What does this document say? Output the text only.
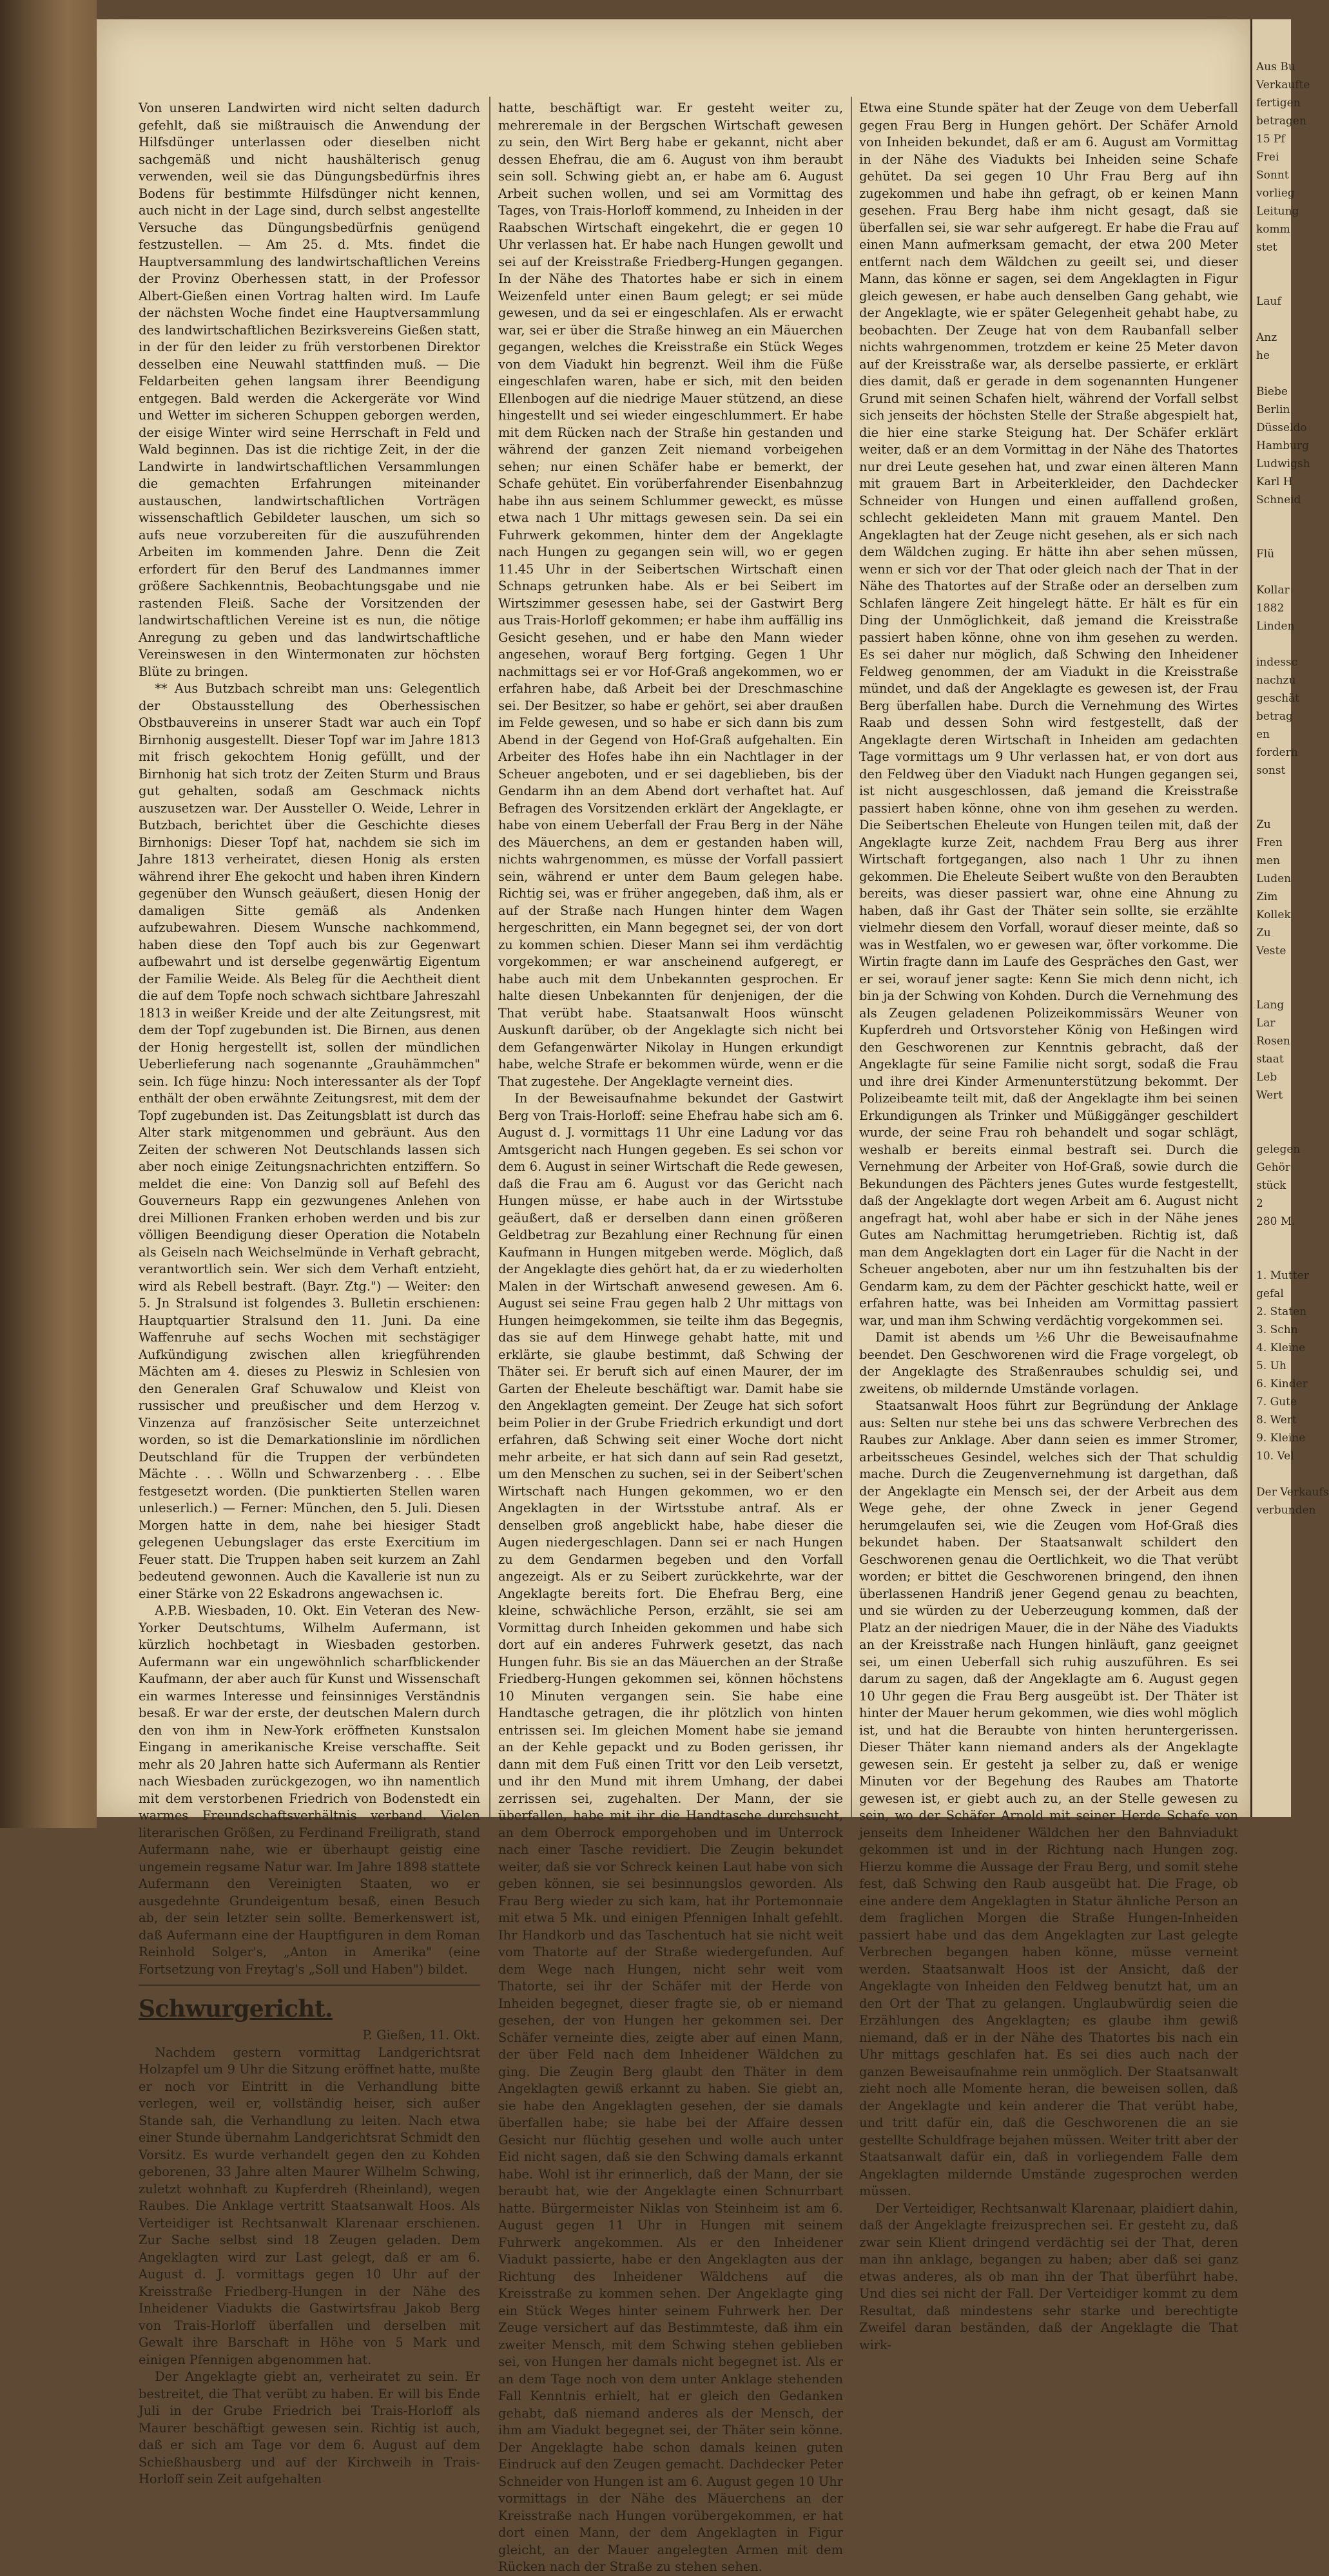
Aus Bu
Verkaufte
fertigen
betragen
15 Pf
Frei
Sonnt
vorlieg
Leitung
komm
stet

Lauf

Anz
he

Biebe
Berlin
Düsseldo
Hamburg
Ludwigsh
Karl H
Schneid

Flü

Kollar
1882
Linden

indessc
nachzu
geschät
betrag
en
fordern
sonst

Zu
Fren
men
Luden
Zim
Kollek
Zu
Veste

Lang
Lar
Rosen
staat
Leb
Wert

gelegen
Gehör
stück
2
280 M.

1. Mutter
gefal
2. Staten
3. Schn
4. Kleine
5. Uh
6. Kinder
7. Gute
8. Wert
9. Kleine
10. Vel

Der Verkaufs
verbunden

Von unseren Landwirten wird nicht selten dadurch gefehlt, daß sie mißtrauisch die Anwendung der Hilfsdünger unterlassen oder dieselben nicht sachgemäß und nicht haushälterisch genug verwenden, weil sie das Düngungsbedürfnis ihres Bodens für bestimmte Hilfsdünger nicht kennen, auch nicht in der Lage sind, durch selbst angestellte Versuche das Düngungsbedürfnis genügend festzustellen. — Am 25. d. Mts. findet die Hauptversammlung des landwirtschaftlichen Vereins der Provinz Oberhessen statt, in der Professor Albert-Gießen einen Vortrag halten wird. Im Laufe der nächsten Woche findet eine Hauptversammlung des landwirtschaftlichen Bezirksvereins Gießen statt, in der für den leider zu früh verstorbenen Direktor desselben eine Neuwahl stattfinden muß. — Die Feldarbeiten gehen langsam ihrer Beendigung entgegen. Bald werden die Ackergeräte vor Wind und Wetter im sicheren Schuppen geborgen werden, der eisige Winter wird seine Herrschaft in Feld und Wald beginnen. Das ist die richtige Zeit, in der die Landwirte in landwirtschaftlichen Versammlungen die gemachten Erfahrungen miteinander austauschen, landwirtschaftlichen Vorträgen wissenschaftlich Gebildeter lauschen, um sich so aufs neue vorzubereiten für die auszuführenden Arbeiten im kommenden Jahre. Denn die Zeit erfordert für den Beruf des Landmannes immer größere Sachkenntnis, Beobachtungsgabe und nie rastenden Fleiß. Sache der Vorsitzenden der landwirtschaftlichen Vereine ist es nun, die nötige Anregung zu geben und das landwirtschaftliche Vereinswesen in den Wintermonaten zur höchsten Blüte zu bringen.

** Aus Butzbach schreibt man uns: Gelegentlich der Obstausstellung des Oberhessischen Obstbauvereins in unserer Stadt war auch ein Topf Birnhonig ausgestellt. Dieser Topf war im Jahre 1813 mit frisch gekochtem Honig gefüllt, und der Birnhonig hat sich trotz der Zeiten Sturm und Braus gut gehalten, sodaß am Geschmack nichts auszusetzen war. Der Aussteller O. Weide, Lehrer in Butzbach, berichtet über die Geschichte dieses Birnhonigs: Dieser Topf hat, nachdem sie sich im Jahre 1813 verheiratet, diesen Honig als ersten während ihrer Ehe gekocht und haben ihren Kindern gegenüber den Wunsch geäußert, diesen Honig der damaligen Sitte gemäß als Andenken aufzubewahren. Diesem Wunsche nachkommend, haben diese den Topf auch bis zur Gegenwart aufbewahrt und ist derselbe gegenwärtig Eigentum der Familie Weide. Als Beleg für die Aechtheit dient die auf dem Topfe noch schwach sichtbare Jahreszahl 1813 in weißer Kreide und der alte Zeitungsrest, mit dem der Topf zugebunden ist. Die Birnen, aus denen der Honig hergestellt ist, sollen der mündlichen Ueberlieferung nach sogenannte „Grauhämmchen" sein. Ich füge hinzu: Noch interessanter als der Topf enthält der oben erwähnte Zeitungsrest, mit dem der Topf zugebunden ist. Das Zeitungsblatt ist durch das Alter stark mitgenommen und gebräunt. Aus den Zeiten der schweren Not Deutschlands lassen sich aber noch einige Zeitungsnachrichten entziffern. So meldet die eine: Von Danzig soll auf Befehl des Gouverneurs Rapp ein gezwungenes Anlehen von drei Millionen Franken erhoben werden und bis zur völligen Beendigung dieser Operation die Notabeln als Geiseln nach Weichselmünde in Verhaft gebracht, verantwortlich sein. Wer sich dem Verhaft entzieht, wird als Rebell bestraft. (Bayr. Ztg.") — Weiter: den 5. Jn Stralsund ist folgendes 3. Bulletin erschienen: Hauptquartier Stralsund den 11. Juni. Da eine Waffenruhe auf sechs Wochen mit sechstägiger Aufkündigung zwischen allen kriegführenden Mächten am 4. dieses zu Pleswiz in Schlesien von den Generalen Graf Schuwalow und Kleist von russischer und preußischer und dem Herzog v. Vinzenza auf französischer Seite unterzeichnet worden, so ist die Demarkationslinie im nördlichen Deutschland für die Truppen der verbündeten Mächte . . . Wölln und Schwarzenberg . . . Elbe festgesetzt worden. (Die punktierten Stellen waren unleserlich.) — Ferner: München, den 5. Juli. Diesen Morgen hatte in dem, nahe bei hiesiger Stadt gelegenen Uebungslager das erste Exercitium im Feuer statt. Die Truppen haben seit kurzem an Zahl bedeutend gewonnen. Auch die Kavallerie ist nun zu einer Stärke von 22 Eskadrons angewachsen ic.

A.P.B. Wiesbaden, 10. Okt. Ein Veteran des New-Yorker Deutschtums, Wilhelm Aufermann, ist kürzlich hochbetagt in Wiesbaden gestorben. Aufermann war ein ungewöhnlich scharfblickender Kaufmann, der aber auch für Kunst und Wissenschaft ein warmes Interesse und feinsinniges Verständnis besaß. Er war der erste, der deutschen Malern durch den von ihm in New-York eröffneten Kunstsalon Eingang in amerikanische Kreise verschaffte. Seit mehr als 20 Jahren hatte sich Aufermann als Rentier nach Wiesbaden zurückgezogen, wo ihn namentlich mit dem verstorbenen Friedrich von Bodenstedt ein warmes Freundschaftsverhältnis verband. Vielen literarischen Größen, zu Ferdinand Freiligrath, stand Aufermann nahe, wie er überhaupt geistig eine ungemein regsame Natur war. Im Jahre 1898 stattete Aufermann den Vereinigten Staaten, wo er ausgedehnte Grundeigentum besaß, einen Besuch ab, der sein letzter sein sollte. Bemerkenswert ist, daß Aufermann eine der Hauptfiguren in dem Roman Reinhold Solger's, „Anton in Amerika" (eine Fortsetzung von Freytag's „Soll und Haben") bildet.

Schwurgericht.

P. Gießen, 11. Okt.

Nachdem gestern vormittag Landgerichtsrat Holzapfel um 9 Uhr die Sitzung eröffnet hatte, mußte er noch vor Eintritt in die Verhandlung bitte verlegen, weil er, vollständig heiser, sich außer Stande sah, die Verhandlung zu leiten. Nach etwa einer Stunde übernahm Landgerichtsrat Schmidt den Vorsitz. Es wurde verhandelt gegen den zu Kohden geborenen, 33 Jahre alten Maurer Wilhelm Schwing, zuletzt wohnhaft zu Kupferdreh (Rheinland), wegen Raubes. Die Anklage vertritt Staatsanwalt Hoos. Als Verteidiger ist Rechtsanwalt Klarenaar erschienen. Zur Sache selbst sind 18 Zeugen geladen. Dem Angeklagten wird zur Last gelegt, daß er am 6. August d. J. vormittags gegen 10 Uhr auf der Kreisstraße Friedberg-Hungen in der Nähe des Inheidener Viadukts die Gastwirtsfrau Jakob Berg von Trais-Horloff überfallen und derselben mit Gewalt ihre Barschaft in Höhe von 5 Mark und einigen Pfennigen abgenommen hat.

Der Angeklagte giebt an, verheiratet zu sein. Er bestreitet, die That verübt zu haben. Er will bis Ende Juli in der Grube Friedrich bei Trais-Horloff als Maurer beschäftigt gewesen sein. Richtig ist auch, daß er sich am Tage vor dem 6. August auf dem Schießhausberg und auf der Kirchweih in Trais-Horloff sein Zeit aufgehalten

hatte, beschäftigt war. Er gesteht weiter zu, mehreremale in der Bergschen Wirtschaft gewesen zu sein, den Wirt Berg habe er gekannt, nicht aber dessen Ehefrau, die am 6. August von ihm beraubt sein soll. Schwing giebt an, er habe am 6. August Arbeit suchen wollen, und sei am Vormittag des Tages, von Trais-Horloff kommend, zu Inheiden in der Raabschen Wirtschaft eingekehrt, die er gegen 10 Uhr verlassen hat. Er habe nach Hungen gewollt und sei auf der Kreisstraße Friedberg-Hungen gegangen. In der Nähe des Thatortes habe er sich in einem Weizenfeld unter einen Baum gelegt; er sei müde gewesen, und da sei er eingeschlafen. Als er erwacht war, sei er über die Straße hinweg an ein Mäuerchen gegangen, welches die Kreisstraße ein Stück Weges von dem Viadukt hin begrenzt. Weil ihm die Füße eingeschlafen waren, habe er sich, mit den beiden Ellenbogen auf die niedrige Mauer stützend, an diese hingestellt und sei wieder eingeschlummert. Er habe mit dem Rücken nach der Straße hin gestanden und während der ganzen Zeit niemand vorbeigehen sehen; nur einen Schäfer habe er bemerkt, der Schafe gehütet. Ein vorüberfahrender Eisenbahnzug habe ihn aus seinem Schlummer geweckt, es müsse etwa nach 1 Uhr mittags gewesen sein. Da sei ein Fuhrwerk gekommen, hinter dem der Angeklagte nach Hungen zu gegangen sein will, wo er gegen 11.45 Uhr in der Seibertschen Wirtschaft einen Schnaps getrunken habe. Als er bei Seibert im Wirtszimmer gesessen habe, sei der Gastwirt Berg aus Trais-Horloff gekommen; er habe ihm auffällig ins Gesicht gesehen, und er habe den Mann wieder angesehen, worauf Berg fortging. Gegen 1 Uhr nachmittags sei er vor Hof-Graß angekommen, wo er erfahren habe, daß Arbeit bei der Dreschmaschine sei. Der Besitzer, so habe er gehört, sei aber draußen im Felde gewesen, und so habe er sich dann bis zum Abend in der Gegend von Hof-Graß aufgehalten. Ein Arbeiter des Hofes habe ihn ein Nachtlager in der Scheuer angeboten, und er sei dageblieben, bis der Gendarm ihn an dem Abend dort verhaftet hat. Auf Befragen des Vorsitzenden erklärt der Angeklagte, er habe von einem Ueberfall der Frau Berg in der Nähe des Mäuerchens, an dem er gestanden haben will, nichts wahrgenommen, es müsse der Vorfall passiert sein, während er unter dem Baum gelegen habe. Richtig sei, was er früher angegeben, daß ihm, als er auf der Straße nach Hungen hinter dem Wagen hergeschritten, ein Mann begegnet sei, der von dort zu kommen schien. Dieser Mann sei ihm verdächtig vorgekommen; er war anscheinend aufgeregt, er habe auch mit dem Unbekannten gesprochen. Er halte diesen Unbekannten für denjenigen, der die That verübt habe. Staatsanwalt Hoos wünscht Auskunft darüber, ob der Angeklagte sich nicht bei dem Gefangenwärter Nikolay in Hungen erkundigt habe, welche Strafe er bekommen würde, wenn er die That zugestehe. Der Angeklagte verneint dies.

In der Beweisaufnahme bekundet der Gastwirt Berg von Trais-Horloff: seine Ehefrau habe sich am 6. August d. J. vormittags 11 Uhr eine Ladung vor das Amtsgericht nach Hungen gegeben. Es sei schon vor dem 6. August in seiner Wirtschaft die Rede gewesen, daß die Frau am 6. August vor das Gericht nach Hungen müsse, er habe auch in der Wirtsstube geäußert, daß er derselben dann einen größeren Geldbetrag zur Bezahlung einer Rechnung für einen Kaufmann in Hungen mitgeben werde. Möglich, daß der Angeklagte dies gehört hat, da er zu wiederholten Malen in der Wirtschaft anwesend gewesen. Am 6. August sei seine Frau gegen halb 2 Uhr mittags von Hungen heimgekommen, sie teilte ihm das Begegnis, das sie auf dem Hinwege gehabt hatte, mit und erklärte, sie glaube bestimmt, daß Schwing der Thäter sei. Er beruft sich auf einen Maurer, der im Garten der Eheleute beschäftigt war. Damit habe sie den Angeklagten gemeint. Der Zeuge hat sich sofort beim Polier in der Grube Friedrich erkundigt und dort erfahren, daß Schwing seit einer Woche dort nicht mehr arbeite, er hat sich dann auf sein Rad gesetzt, um den Menschen zu suchen, sei in der Seibert'schen Wirtschaft nach Hungen gekommen, wo er den Angeklagten in der Wirtsstube antraf. Als er denselben groß angeblickt habe, habe dieser die Augen niedergeschlagen. Dann sei er nach Hungen zu dem Gendarmen begeben und den Vorfall angezeigt. Als er zu Seibert zurückkehrte, war der Angeklagte bereits fort. Die Ehefrau Berg, eine kleine, schwächliche Person, erzählt, sie sei am Vormittag durch Inheiden gekommen und habe sich dort auf ein anderes Fuhrwerk gesetzt, das nach Hungen fuhr. Bis sie an das Mäuerchen an der Straße Friedberg-Hungen gekommen sei, können höchstens 10 Minuten vergangen sein. Sie habe eine Handtasche getragen, die ihr plötzlich von hinten entrissen sei. Im gleichen Moment habe sie jemand an der Kehle gepackt und zu Boden gerissen, ihr dann mit dem Fuß einen Tritt vor den Leib versetzt, und ihr den Mund mit ihrem Umhang, der dabei zerrissen sei, zugehalten. Der Mann, der sie überfallen, habe mit ihr die Handtasche durchsucht, an dem Oberrock emporgehoben und im Unterrock nach einer Tasche revidiert. Die Zeugin bekundet weiter, daß sie vor Schreck keinen Laut habe von sich geben können, sie sei besinnungslos geworden. Als Frau Berg wieder zu sich kam, hat ihr Portemonnaie mit etwa 5 Mk. und einigen Pfennigen Inhalt gefehlt. Ihr Handkorb und das Taschentuch hat sie nicht weit vom Thatorte auf der Straße wiedergefunden. Auf dem Wege nach Hungen, nicht sehr weit vom Thatorte, sei ihr der Schäfer mit der Herde von Inheiden begegnet, dieser fragte sie, ob er niemand gesehen, der von Hungen her gekommen sei. Der Schäfer verneinte dies, zeigte aber auf einen Mann, der über Feld nach dem Inheidener Wäldchen zu ging. Die Zeugin Berg glaubt den Thäter in dem Angeklagten gewiß erkannt zu haben. Sie giebt an, sie habe den Angeklagten gesehen, der sie damals überfallen habe; sie habe bei der Affaire dessen Gesicht nur flüchtig gesehen und wolle auch unter Eid nicht sagen, daß sie den Schwing damals erkannt habe. Wohl ist ihr erinnerlich, daß der Mann, der sie beraubt hat, wie der Angeklagte einen Schnurrbart hatte. Bürgermeister Niklas von Steinheim ist am 6. August gegen 11 Uhr in Hungen mit seinem Fuhrwerk angekommen. Als er den Inheidener Viadukt passierte, habe er den Angeklagten aus der Richtung des Inheidener Wäldchens auf die Kreisstraße zu kommen sehen. Der Angeklagte ging ein Stück Weges hinter seinem Fuhrwerk her. Der Zeuge versichert auf das Bestimmteste, daß ihm ein zweiter Mensch, mit dem Schwing stehen geblieben sei, von Hungen her damals nicht begegnet ist. Als er an dem Tage noch von dem unter Anklage stehenden Fall Kenntnis erhielt, hat er gleich den Gedanken gehabt, daß niemand anderes als der Mensch, der ihm am Viadukt begegnet sei, der Thäter sein könne. Der Angeklagte habe schon damals keinen guten Eindruck auf den Zeugen gemacht. Dachdecker Peter Schneider von Hungen ist am 6. August gegen 10 Uhr vormittags in der Nähe des Mäuerchens an der Kreisstraße nach Hungen vorübergekommen, er hat dort einen Mann, der dem Angeklagten in Figur gleicht, an der Mauer angelegten Armen mit dem Rücken nach der Straße zu stehen sehen.

Etwa eine Stunde später hat der Zeuge von dem Ueberfall gegen Frau Berg in Hungen gehört. Der Schäfer Arnold von Inheiden bekundet, daß er am 6. August am Vormittag in der Nähe des Viadukts bei Inheiden seine Schafe gehütet. Da sei gegen 10 Uhr Frau Berg auf ihn zugekommen und habe ihn gefragt, ob er keinen Mann gesehen. Frau Berg habe ihm nicht gesagt, daß sie überfallen sei, sie war sehr aufgeregt. Er habe die Frau auf einen Mann aufmerksam gemacht, der etwa 200 Meter entfernt nach dem Wäldchen zu geeilt sei, und dieser Mann, das könne er sagen, sei dem Angeklagten in Figur gleich gewesen, er habe auch denselben Gang gehabt, wie der Angeklagte, wie er später Gelegenheit gehabt habe, zu beobachten. Der Zeuge hat von dem Raubanfall selber nichts wahrgenommen, trotzdem er keine 25 Meter davon auf der Kreisstraße war, als derselbe passierte, er erklärt dies damit, daß er gerade in dem sogenannten Hungener Grund mit seinen Schafen hielt, während der Vorfall selbst sich jenseits der höchsten Stelle der Straße abgespielt hat, die hier eine starke Steigung hat. Der Schäfer erklärt weiter, daß er an dem Vormittag in der Nähe des Thatortes nur drei Leute gesehen hat, und zwar einen älteren Mann mit grauem Bart in Arbeiterkleider, den Dachdecker Schneider von Hungen und einen auffallend großen, schlecht gekleideten Mann mit grauem Mantel. Den Angeklagten hat der Zeuge nicht gesehen, als er sich nach dem Wäldchen zuging. Er hätte ihn aber sehen müssen, wenn er sich vor der That oder gleich nach der That in der Nähe des Thatortes auf der Straße oder an derselben zum Schlafen längere Zeit hingelegt hätte. Er hält es für ein Ding der Unmöglichkeit, daß jemand die Kreisstraße passiert haben könne, ohne von ihm gesehen zu werden. Es sei daher nur möglich, daß Schwing den Inheidener Feldweg genommen, der am Viadukt in die Kreisstraße mündet, und daß der Angeklagte es gewesen ist, der Frau Berg überfallen habe. Durch die Vernehmung des Wirtes Raab und dessen Sohn wird festgestellt, daß der Angeklagte deren Wirtschaft in Inheiden am gedachten Tage vormittags um 9 Uhr verlassen hat, er von dort aus den Feldweg über den Viadukt nach Hungen gegangen sei, ist nicht ausgeschlossen, daß jemand die Kreisstraße passiert haben könne, ohne von ihm gesehen zu werden. Die Seibertschen Eheleute von Hungen teilen mit, daß der Angeklagte kurze Zeit, nachdem Frau Berg aus ihrer Wirtschaft fortgegangen, also nach 1 Uhr zu ihnen gekommen. Die Eheleute Seibert wußte von den Beraubten bereits, was dieser passiert war, ohne eine Ahnung zu haben, daß ihr Gast der Thäter sein sollte, sie erzählte vielmehr diesem den Vorfall, worauf dieser meinte, daß so was in Westfalen, wo er gewesen war, öfter vorkomme. Die Wirtin fragte dann im Laufe des Gespräches den Gast, wer er sei, worauf jener sagte: Kenn Sie mich denn nicht, ich bin ja der Schwing von Kohden. Durch die Vernehmung des als Zeugen geladenen Polizeikommissärs Weuner von Kupferdreh und Ortsvorsteher König von Heßingen wird den Geschworenen zur Kenntnis gebracht, daß der Angeklagte für seine Familie nicht sorgt, sodaß die Frau und ihre drei Kinder Armenunterstützung bekommt. Der Polizeibeamte teilt mit, daß der Angeklagte ihm bei seinen Erkundigungen als Trinker und Müßiggänger geschildert wurde, der seine Frau roh behandelt und sogar schlägt, weshalb er bereits einmal bestraft sei. Durch die Vernehmung der Arbeiter von Hof-Graß, sowie durch die Bekundungen des Pächters jenes Gutes wurde festgestellt, daß der Angeklagte dort wegen Arbeit am 6. August nicht angefragt hat, wohl aber habe er sich in der Nähe jenes Gutes am Nachmittag herumgetrieben. Richtig ist, daß man dem Angeklagten dort ein Lager für die Nacht in der Scheuer angeboten, aber nur um ihn festzuhalten bis der Gendarm kam, zu dem der Pächter geschickt hatte, weil er erfahren hatte, was bei Inheiden am Vormittag passiert war, und man ihm Schwing verdächtig vorgekommen sei.

Damit ist abends um ½6 Uhr die Beweisaufnahme beendet. Den Geschworenen wird die Frage vorgelegt, ob der Angeklagte des Straßenraubes schuldig sei, und zweitens, ob mildernde Umstände vorlagen.

Staatsanwalt Hoos führt zur Begründung der Anklage aus: Selten nur stehe bei uns das schwere Verbrechen des Raubes zur Anklage. Aber dann seien es immer Stromer, arbeitsscheues Gesindel, welches sich der That schuldig mache. Durch die Zeugenvernehmung ist dargethan, daß der Angeklagte ein Mensch sei, der der Arbeit aus dem Wege gehe, der ohne Zweck in jener Gegend herumgelaufen sei, wie die Zeugen vom Hof-Graß dies bekundet haben. Der Staatsanwalt schildert den Geschworenen genau die Oertlichkeit, wo die That verübt worden; er bittet die Geschworenen bringend, den ihnen überlassenen Handriß jener Gegend genau zu beachten, und sie würden zu der Ueberzeugung kommen, daß der Platz an der niedrigen Mauer, die in der Nähe des Viadukts an der Kreisstraße nach Hungen hinläuft, ganz geeignet sei, um einen Ueberfall sich ruhig auszuführen. Es sei darum zu sagen, daß der Angeklagte am 6. August gegen 10 Uhr gegen die Frau Berg ausgeübt ist. Der Thäter ist hinter der Mauer herum gekommen, wie dies wohl möglich ist, und hat die Beraubte von hinten heruntergerissen. Dieser Thäter kann niemand anders als der Angeklagte gewesen sein. Er gesteht ja selber zu, daß er wenige Minuten vor der Begehung des Raubes am Thatorte gewesen ist, er giebt auch zu, an der Stelle gewesen zu sein, wo der Schäfer Arnold mit seiner Herde Schafe von jenseits dem Inheidener Wäldchen her den Bahnviadukt gekommen ist und in der Richtung nach Hungen zog. Hierzu komme die Aussage der Frau Berg, und somit stehe fest, daß Schwing den Raub ausgeübt hat. Die Frage, ob eine andere dem Angeklagten in Statur ähnliche Person an dem fraglichen Morgen die Straße Hungen-Inheiden passiert habe und das dem Angeklagten zur Last gelegte Verbrechen begangen haben könne, müsse verneint werden. Staatsanwalt Hoos ist der Ansicht, daß der Angeklagte von Inheiden den Feldweg benutzt hat, um an den Ort der That zu gelangen. Unglaubwürdig seien die Erzählungen des Angeklagten; es glaube ihm gewiß niemand, daß er in der Nähe des Thatortes bis nach ein Uhr mittags geschlafen hat. Es sei dies auch nach der ganzen Beweisaufnahme rein unmöglich. Der Staatsanwalt zieht noch alle Momente heran, die beweisen sollen, daß der Angeklagte und kein anderer die That verübt habe, und tritt dafür ein, daß die Geschworenen die an sie gestellte Schuldfrage bejahen müssen. Weiter tritt aber der Staatsanwalt dafür ein, daß in vorliegendem Falle dem Angeklagten mildernde Umstände zugesprochen werden müssen.

Der Verteidiger, Rechtsanwalt Klarenaar, plaidiert dahin, daß der Angeklagte freizusprechen sei. Er gesteht zu, daß zwar sein Klient dringend verdächtig sei der That, deren man ihn anklage, begangen zu haben; aber daß sei ganz etwas anderes, als ob man ihn der That überführt habe. Und dies sei nicht der Fall. Der Verteidiger kommt zu dem Resultat, daß mindestens sehr starke und berechtigte Zweifel daran beständen, daß der Angeklagte die That wirk-
